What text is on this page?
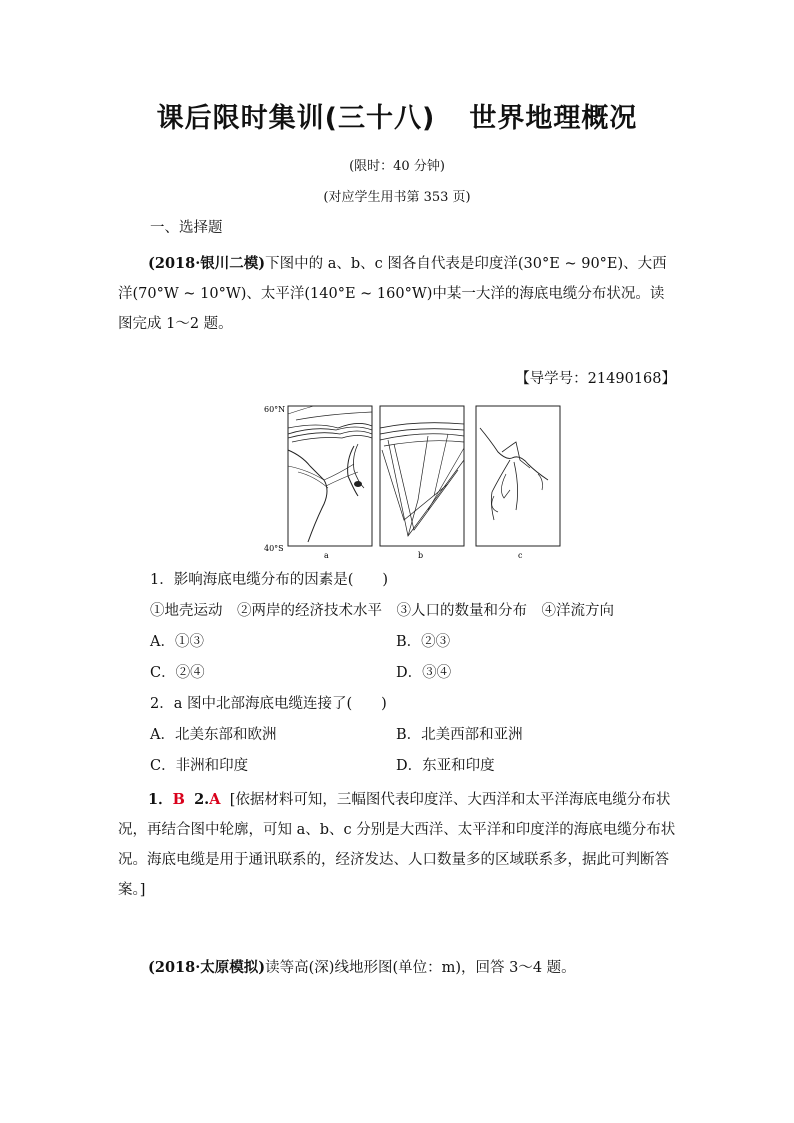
课后限时集训(三十八) 世界地理概况
(限时：40 分钟)
(对应学生用书第 353 页)
一、选择题

(2018·银川二模)下图中的 a、b、c 图各自代表是印度洋(30°E ~ 90°E)、大西洋(70°W ~ 10°W)、太平洋(140°E ~ 160°W)中某一大洋的海底电缆分布状况。读图完成 1～2 题。

【导学号：21490168】
60°N
40°S
a	b	c
1．影响海底电缆分布的因素是(　　)
①地壳运动　②两岸的经济技术水平　③人口的数量和分布　④洋流方向
A．①③	B．②③
C．②④	D．③④
2．a 图中北部海底电缆连接了(　　)
A．北美东部和欧洲	B．北美西部和亚洲
C．非洲和印度	D．东亚和印度

1．B 2.A [依据材料可知，三幅图代表印度洋、大西洋和太平洋海底电缆分布状况，再结合图中轮廓，可知 a、b、c 分别是大西洋、太平洋和印度洋的海底电缆分布状况。海底电缆是用于通讯联系的，经济发达、人口数量多的区域联系多，据此可判断答案。]

(2018·太原模拟)读等高(深)线地形图(单位：m)，回答 3～4 题。
